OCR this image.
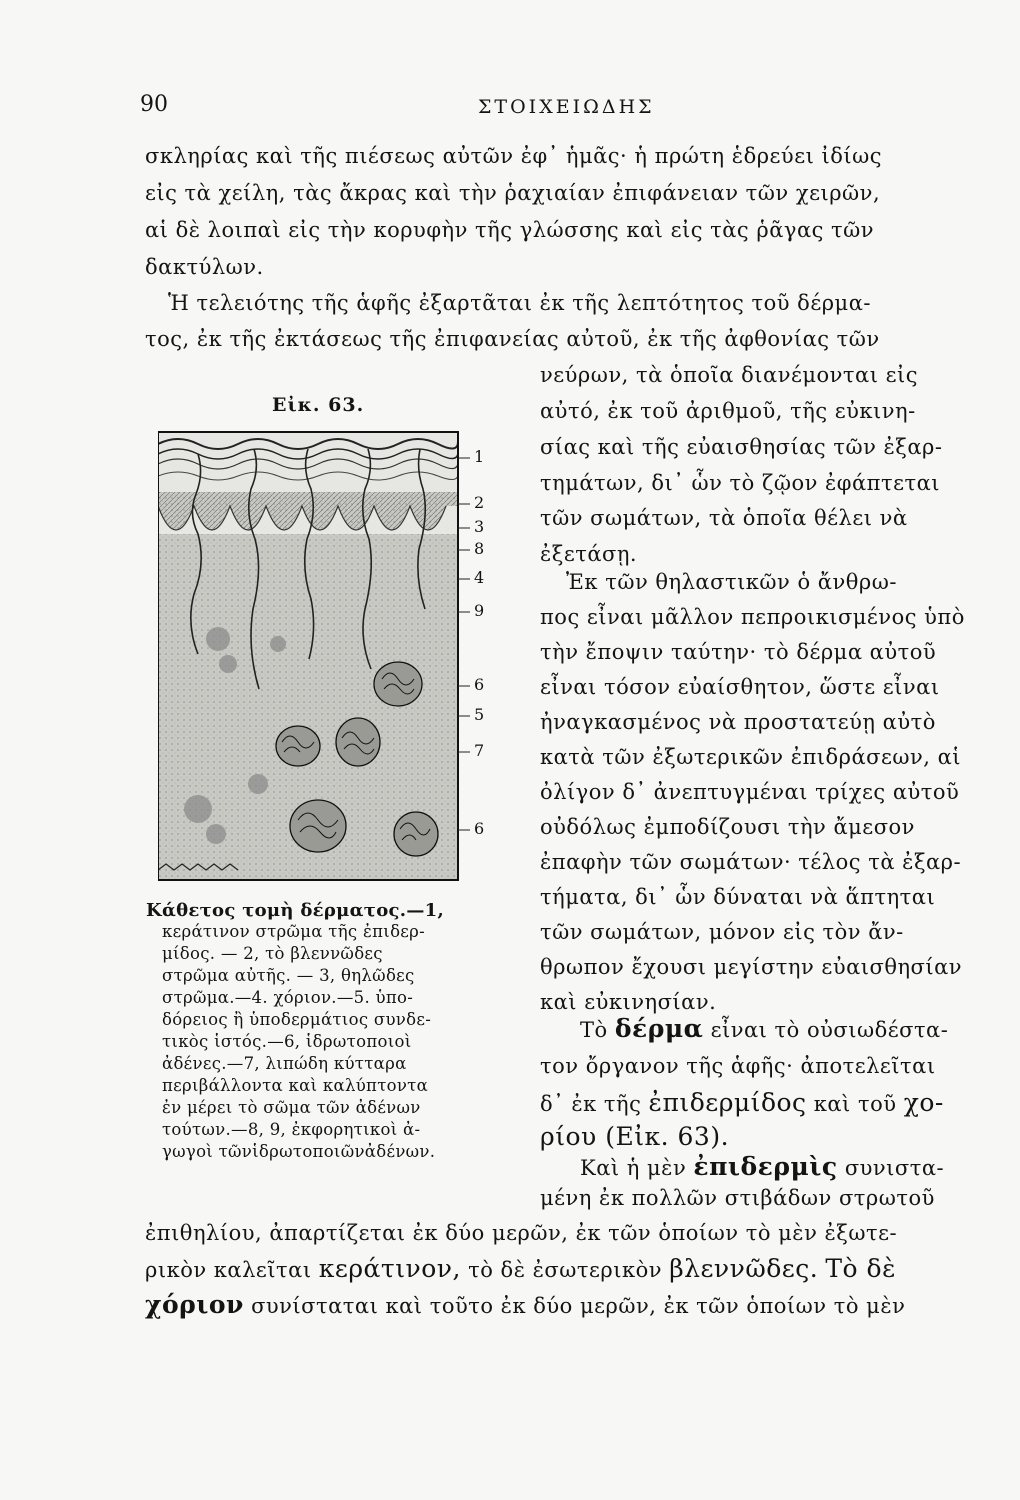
90	ΣΤΟΙΧΕΙΩΔΗΣ
σκληρίας καὶ τῆς πιέσεως αὐτῶν ἐφ᾽ ἡμᾶς· ἡ πρώτη ἑδρεύει ἰδίως
εἰς τὰ χείλη, τὰς ἄκρας καὶ τὴν ῥαχιαίαν ἐπιφάνειαν τῶν χειρῶν,
αἱ δὲ λοιπαὶ εἰς τὴν κορυφὴν τῆς γλώσσης καὶ εἰς τὰς ῥᾶγας τῶν
δακτύλων.
Ἡ τελειότης τῆς ἁφῆς ἐξαρτᾶται ἐκ τῆς λεπτότητος τοῦ δέρμα-
τος, ἐκ τῆς ἐκτάσεως τῆς ἐπιφανείας αὐτοῦ, ἐκ τῆς ἀφθονίας τῶν
νεύρων, τὰ ὁποῖα διανέμονται εἰς
αὐτό, ἐκ τοῦ ἀριθμοῦ, τῆς εὐκινη-
σίας καὶ τῆς εὐαισθησίας τῶν ἐξαρ-
τημάτων, δι᾽ ὧν τὸ ζῷον ἐφάπτεται
τῶν σωμάτων, τὰ ὁποῖα θέλει νὰ
ἐξετάσῃ.
Ἐκ τῶν θηλαστικῶν ὁ ἄνθρω-
πος εἶναι μᾶλλον πεπροικισμένος ὑπὸ
τὴν ἔποψιν ταύτην· τὸ δέρμα αὐτοῦ
εἶναι τόσον εὐαίσθητον, ὥστε εἶναι
ἠναγκασμένος νὰ προστατεύῃ αὐτὸ
κατὰ τῶν ἐξωτερικῶν ἐπιδράσεων, αἱ
ὀλίγον δ᾽ ἀνεπτυγμέναι τρίχες αὐτοῦ
οὐδόλως ἐμποδίζουσι τὴν ἄμεσον
ἐπαφὴν τῶν σωμάτων· τέλος τὰ ἐξαρ-
τήματα, δι᾽ ὧν δύναται νὰ ἅπτηται
τῶν σωμάτων, μόνον εἰς τὸν ἄν-
θρωπον ἔχουσι μεγίστην εὐαισθησίαν
καὶ εὐκινησίαν.
Τὸ δέρμα εἶναι τὸ οὐσιωδέστα-
τον ὄργανον τῆς ἁφῆς· ἀποτελεῖται
δ᾽ ἐκ τῆς ἐπιδερμίδος καὶ τοῦ χο-
ρίου (Εἰκ. 63).
Καὶ ἡ μὲν ἐπιδερμὶς συνιστα-
μένη ἐκ πολλῶν στιβάδων στρωτοῦ
ἐπιθηλίου, ἀπαρτίζεται ἐκ δύο μερῶν, ἐκ τῶν ὁποίων τὸ μὲν ἐξωτε-
ρικὸν καλεῖται κεράτινον, τὸ δὲ ἐσωτερικὸν βλεννῶδες. Τὸ δὲ
χόριον συνίσταται καὶ τοῦτο ἐκ δύο μερῶν, ἐκ τῶν ὁποίων τὸ μὲν
Εἰκ. 63.
1
2
3
8
4
9
6
5
7
6
Κάθετος τομὴ δέρματος.—1,
κεράτινον στρῶμα τῆς ἐπιδερ-
μίδος. — 2, τὸ βλεννῶδες
στρῶμα αὐτῆς. — 3, θηλῶδες
στρῶμα.—4. χόριον.—5. ὑπο-
δόρειος ἢ ὑποδερμάτιος συνδε-
τικὸς ἱστός.—6, ἱδρωτοποιοὶ
ἀδένες.—7, λιπώδη κύτταρα
περιβάλλοντα καὶ καλύπτοντα
ἐν μέρει τὸ σῶμα τῶν ἀδένων
τούτων.—8, 9, ἐκφορητικοὶ ἀ-
γωγοὶ τῶνἱδρωτοποιῶνἀδένων.
